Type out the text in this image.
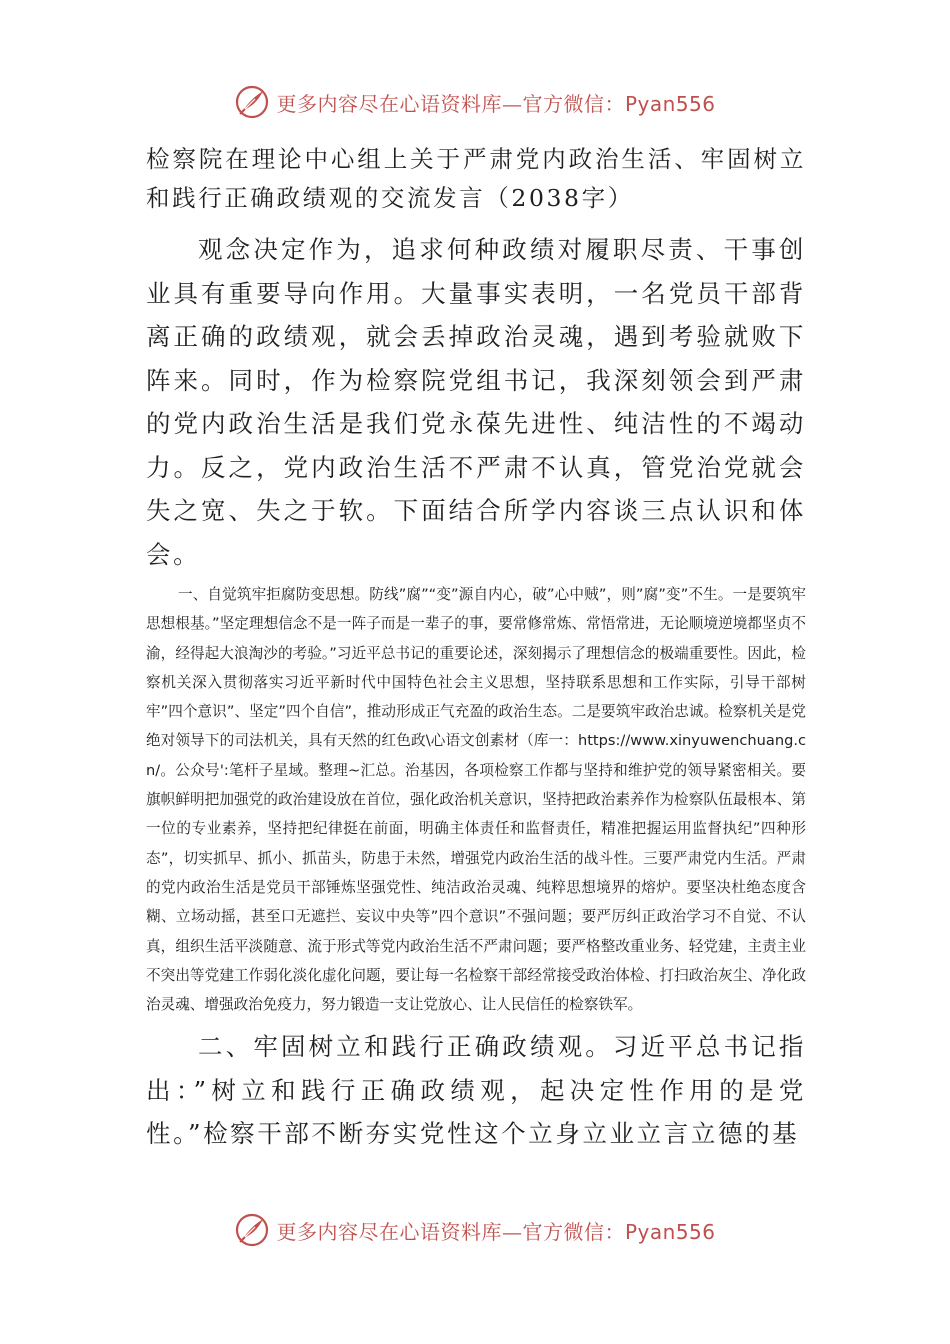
更多内容尽在心语资料库—官方微信：Pyan556

检察院在理论中心组上关于严肃党内政治生活、牢固树立和践行正确政绩观的交流发言（2038字）

观念决定作为，追求何种政绩对履职尽责、干事创业具有重要导向作用。大量事实表明，一名党员干部背离正确的政绩观，就会丢掉政治灵魂，遇到考验就败下阵来。同时，作为检察院党组书记，我深刻领会到严肃的党内政治生活是我们党永葆先进性、纯洁性的不竭动力。反之，党内政治生活不严肃不认真，管党治党就会失之宽、失之于软。下面结合所学内容谈三点认识和体会。

一、自觉筑牢拒腐防变思想。防线”腐”“变”源自内心，破”心中贼”，则”腐”变”不生。一是要筑牢思想根基。”坚定理想信念不是一阵子而是一辈子的事，要常修常炼、常悟常进，无论顺境逆境都坚贞不渝，经得起大浪淘沙的考验。”习近平总书记的重要论述，深刻揭示了理想信念的极端重要性。因此，检察机关深入贯彻落实习近平新时代中国特色社会主义思想，坚持联系思想和工作实际，引导干部树牢”四个意识”、坚定”四个自信”，推动形成正气充盈的政治生态。二是要筑牢政治忠诚。检察机关是党绝对领导下的司法机关，具有天然的红色政\心语文创素材（库一：https://www.xinyuwenchuang.cn/。公众号':笔杆子星域。整理~汇总。治基因，各项检察工作都与坚持和维护党的领导紧密相关。要旗帜鲜明把加强党的政治建设放在首位，强化政治机关意识，坚持把政治素养作为检察队伍最根本、第一位的专业素养，坚持把纪律挺在前面，明确主体责任和监督责任，精准把握运用监督执纪”四种形态”，切实抓早、抓小、抓苗头，防患于未然，增强党内政治生活的战斗性。三要严肃党内生活。严肃的党内政治生活是党员干部锤炼坚强党性、纯洁政治灵魂、纯粹思想境界的熔炉。要坚决杜绝态度含糊、立场动摇，甚至口无遮拦、妄议中央等”四个意识”不强问题；要严厉纠正政治学习不自觉、不认真，组织生活平淡随意、流于形式等党内政治生活不严肃问题；要严格整改重业务、轻党建，主责主业不突出等党建工作弱化淡化虚化问题，要让每一名检察干部经常接受政治体检、打扫政治灰尘、净化政治灵魂、增强政治免疫力，努力锻造一支让党放心、让人民信任的检察铁军。

二、牢固树立和践行正确政绩观。习近平总书记指出：”树立和践行正确政绩观，起决定性作用的是党性。”检察干部不断夯实党性这个立身立业立言立德的基

更多内容尽在心语资料库—官方微信：Pyan556
